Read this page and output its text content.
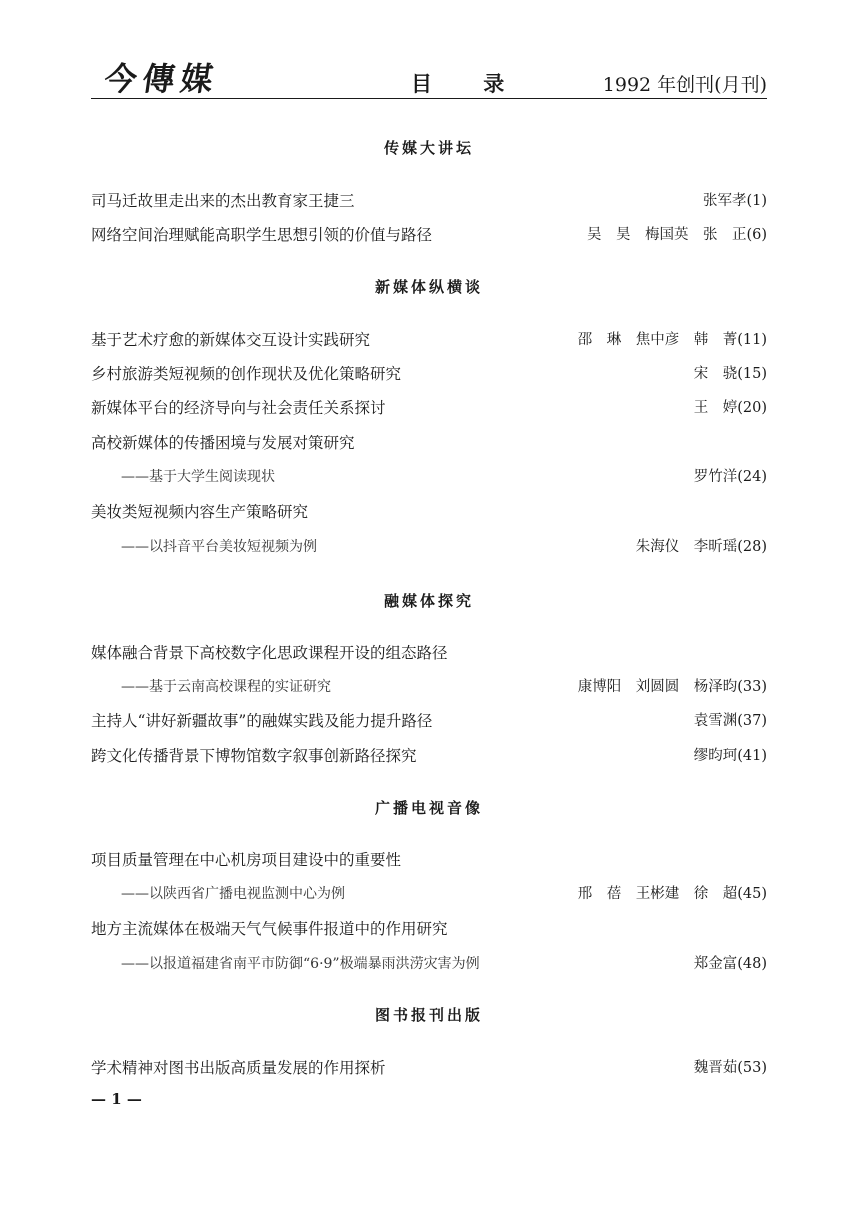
今傳媒	目 录	1992 年创刊(月刊)
传媒大讲坛
司马迁故里走出来的杰出教育家王捷三	张军孝(1)
网络空间治理赋能高职学生思想引领的价值与路径	吴　昊　梅国英　张　正(6)
新媒体纵横谈
基于艺术疗愈的新媒体交互设计实践研究	邵　琳　焦中彦　韩　菁(11)
乡村旅游类短视频的创作现状及优化策略研究	宋　骁(15)
新媒体平台的经济导向与社会责任关系探讨	王　婷(20)
高校新媒体的传播困境与发展对策研究
——基于大学生阅读现状	罗竹洋(24)
美妆类短视频内容生产策略研究
——以抖音平台美妆短视频为例	朱海仪　李昕瑶(28)
融媒体探究
媒体融合背景下高校数字化思政课程开设的组态路径
——基于云南高校课程的实证研究	康博阳　刘圆圆　杨泽昀(33)
主持人“讲好新疆故事”的融媒实践及能力提升路径	袁雪渊(37)
跨文化传播背景下博物馆数字叙事创新路径探究	缪昀珂(41)
广播电视音像
项目质量管理在中心机房项目建设中的重要性
——以陕西省广播电视监测中心为例	邢　蓓　王彬建　徐　超(45)
地方主流媒体在极端天气气候事件报道中的作用研究
——以报道福建省南平市防御“6·9”极端暴雨洪涝灾害为例	郑金富(48)
图书报刊出版
学术精神对图书出版高质量发展的作用探析	魏晋茹(53)
— 1 —
